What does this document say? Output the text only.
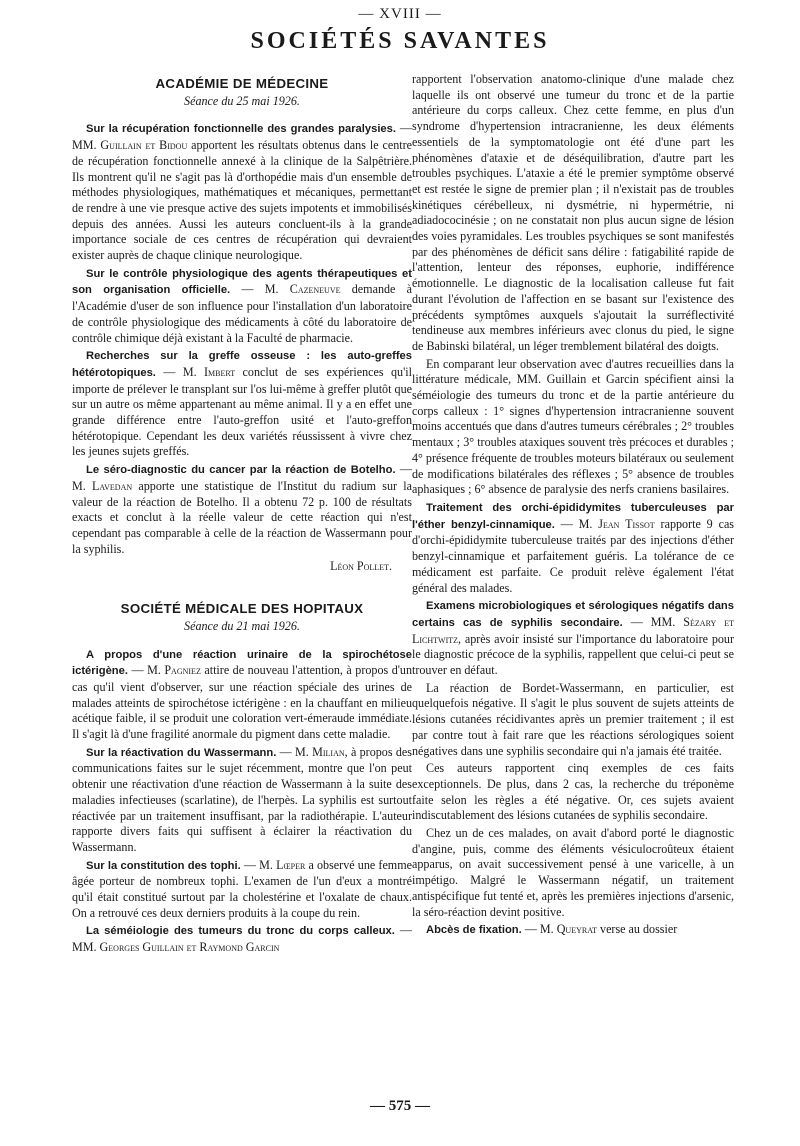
— XVIII —
SOCIÉTÉS SAVANTES
ACADÉMIE DE MÉDECINE
Séance du 25 mai 1926.

Sur la récupération fonctionnelle des grandes paralysies. — MM. Guillain et Bidou apportent les résultats obtenus dans le centre de récupération fonctionnelle annexé à la clinique de la Salpêtrière. Ils montrent qu'il ne s'agit pas là d'orthopédie mais d'un ensemble de méthodes physiologiques, mathématiques et mécaniques, permettant de rendre à une vie presque active des sujets impotents et immobilisés depuis des années. Aussi les auteurs concluent-ils à la grande importance sociale de ces centres de récupération qui devraient exister auprès de chaque clinique neurologique.

Sur le contrôle physiologique des agents thérapeutiques et son organisation officielle. — M. Cazeneuve demande à l'Académie d'user de son influence pour l'installation d'un laboratoire de contrôle physiologique des médicaments à côté du laboratoire de contrôle chimique déjà existant à la Faculté de pharmacie.

Recherches sur la greffe osseuse : les auto-greffes hétérotopiques. — M. Imbert conclut de ses expériences qu'il importe de prélever le transplant sur l'os lui-même à greffer plutôt que sur un autre os même appartenant au même animal. Il y a en effet une grande différence entre l'auto-greffon usité et l'auto-greffon hétérotopique. Cependant les deux variétés réussissent à vivre chez les jeunes sujets greffés.

Le séro-diagnostic du cancer par la réaction de Botelho. — M. Lavedan apporte une statistique de l'Institut du radium sur la valeur de la réaction de Botelho. Il a obtenu 72 p. 100 de résultats exacts et conclut à la réelle valeur de cette réaction qui n'est cependant pas comparable à celle de la réaction de Wassermann pour la syphilis.

Léon Pollet.
SOCIÉTÉ MÉDICALE DES HOPITAUX
Séance du 21 mai 1926.

A propos d'une réaction urinaire de la spirochétose ictérigène. — M. Pagniez attire de nouveau l'attention, à propos d'un cas qu'il vient d'observer, sur une réaction spéciale des urines de malades atteints de spirochétose ictérigène : en la chauffant en milieu acétique faible, il se produit une coloration vert-émeraude immédiate. Il s'agit là d'une fragilité anormale du pigment dans cette maladie.

Sur la réactivation du Wassermann. — M. Milian, à propos des communications faites sur le sujet récemment, montre que l'on peut obtenir une réactivation d'une réaction de Wassermann à la suite des maladies infectieuses (scarlatine), de l'herpès. La syphilis est surtout réactivée par un traitement insuffisant, par la radiothérapie. L'auteur rapporte divers faits qui suffisent à éclairer la réactivation du Wassermann.

Sur la constitution des tophi. — M. Lœper a observé une femme âgée porteur de nombreux tophi. L'examen de l'un d'eux a montré qu'il était constitué surtout par la cholestérine et l'oxalate de chaux. On a retrouvé ces deux derniers produits à la coupe du rein.

La séméiologie des tumeurs du tronc du corps calleux. — MM. Georges Guillain et Raymond Garcin

rapportent l'observation anatomo-clinique d'une malade chez laquelle ils ont observé une tumeur du tronc et de la partie antérieure du corps calleux. Chez cette femme, en plus d'un syndrome d'hypertension intracranienne, les deux éléments essentiels de la symptomatologie ont été d'une part les phénomènes d'ataxie et de déséquilibration, d'autre part les troubles psychiques. L'ataxie a été le premier symptôme observé et est restée le signe de premier plan ; il n'existait pas de troubles kinétiques cérébelleux, ni dysmétrie, ni hypermétrie, ni adiadococinésie ; on ne constatait non plus aucun signe de lésion des voies pyramidales. Les troubles psychiques se sont manifestés par des phénomènes de déficit sans délire : fatigabilité rapide de l'attention, lenteur des réponses, euphorie, indifférence émotionnelle. Le diagnostic de la localisation calleuse fut fait durant l'évolution de l'affection en se basant sur l'existence des précédents symptômes auxquels s'ajoutait la surréflectivité tendineuse aux membres inférieurs avec clonus du pied, le signe de Babinski bilatéral, un léger tremblement bilatéral des doigts.

En comparant leur observation avec d'autres recueillies dans la littérature médicale, MM. Guillain et Garcin spécifient ainsi la séméiologie des tumeurs du tronc et de la partie antérieure du corps calleux : 1° signes d'hypertension intracranienne souvent moins accentués que dans d'autres tumeurs cérébrales ; 2° troubles mentaux ; 3° troubles ataxiques souvent très précoces et durables ; 4° présence fréquente de troubles moteurs bilatéraux ou seulement de modifications bilatérales des réflexes ; 5° absence de troubles aphasiques ; 6° absence de paralysie des nerfs craniens basilaires.

Traitement des orchi-épididymites tuberculeuses par l'éther benzyl-cinnamique. — M. Jean Tissot rapporte 9 cas d'orchi-épididymite tuberculeuse traités par des injections d'éther benzyl-cinnamique et parfaitement guéris. La tolérance de ce médicament est parfaite. Ce produit relève également l'état général des malades.

Examens microbiologiques et sérologiques négatifs dans certains cas de syphilis secondaire. — MM. Sézary et Lichtwitz, après avoir insisté sur l'importance du laboratoire pour le diagnostic précoce de la syphilis, rappellent que celui-ci peut se trouver en défaut.

La réaction de Bordet-Wassermann, en particulier, est quelquefois négative. Il s'agit le plus souvent de sujets atteints de lésions cutanées récidivantes après un premier traitement ; il est par contre tout à fait rare que les réactions sérologiques soient négatives dans une syphilis secondaire qui n'a jamais été traitée.

Ces auteurs rapportent cinq exemples de ces faits exceptionnels. De plus, dans 2 cas, la recherche du tréponème faite selon les règles a été négative. Or, ces sujets avaient indiscutablement des lésions cutanées de syphilis secondaire.

Chez un de ces malades, on avait d'abord porté le diagnostic d'angine, puis, comme des éléments vésiculocroûteux étaient apparus, on avait successivement pensé à une varicelle, à un impétigo. Malgré le Wassermann négatif, un traitement antispécifique fut tenté et, après les premières injections d'arsenic, la séro-réaction devint positive.

Abcès de fixation. — M. Queyrat verse au dossier

— 575 —
